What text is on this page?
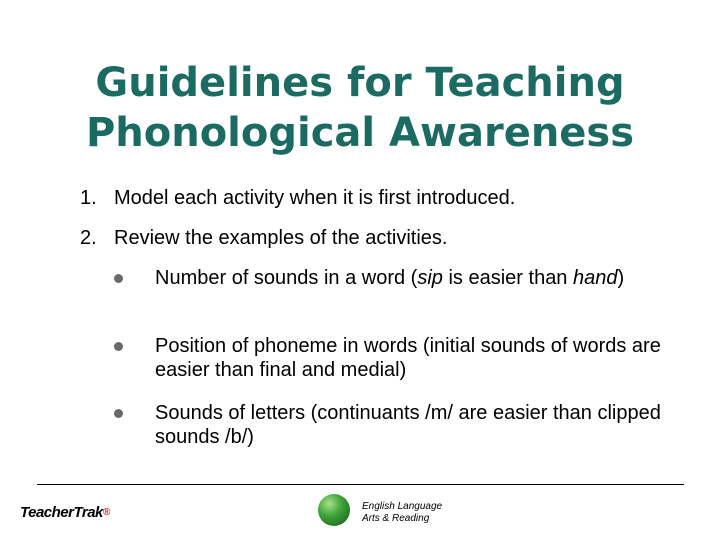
Guidelines for Teaching
Phonological Awareness
1. Model each activity when it is first introduced.
2. Review the examples of the activities.
Number of sounds in a word (sip is easier than hand)
Position of phoneme in words (initial sounds of words are easier than final and medial)
Sounds of letters (continuants /m/ are easier than clipped sounds /b/)
TeacherTrak®
English Language
Arts & Reading
